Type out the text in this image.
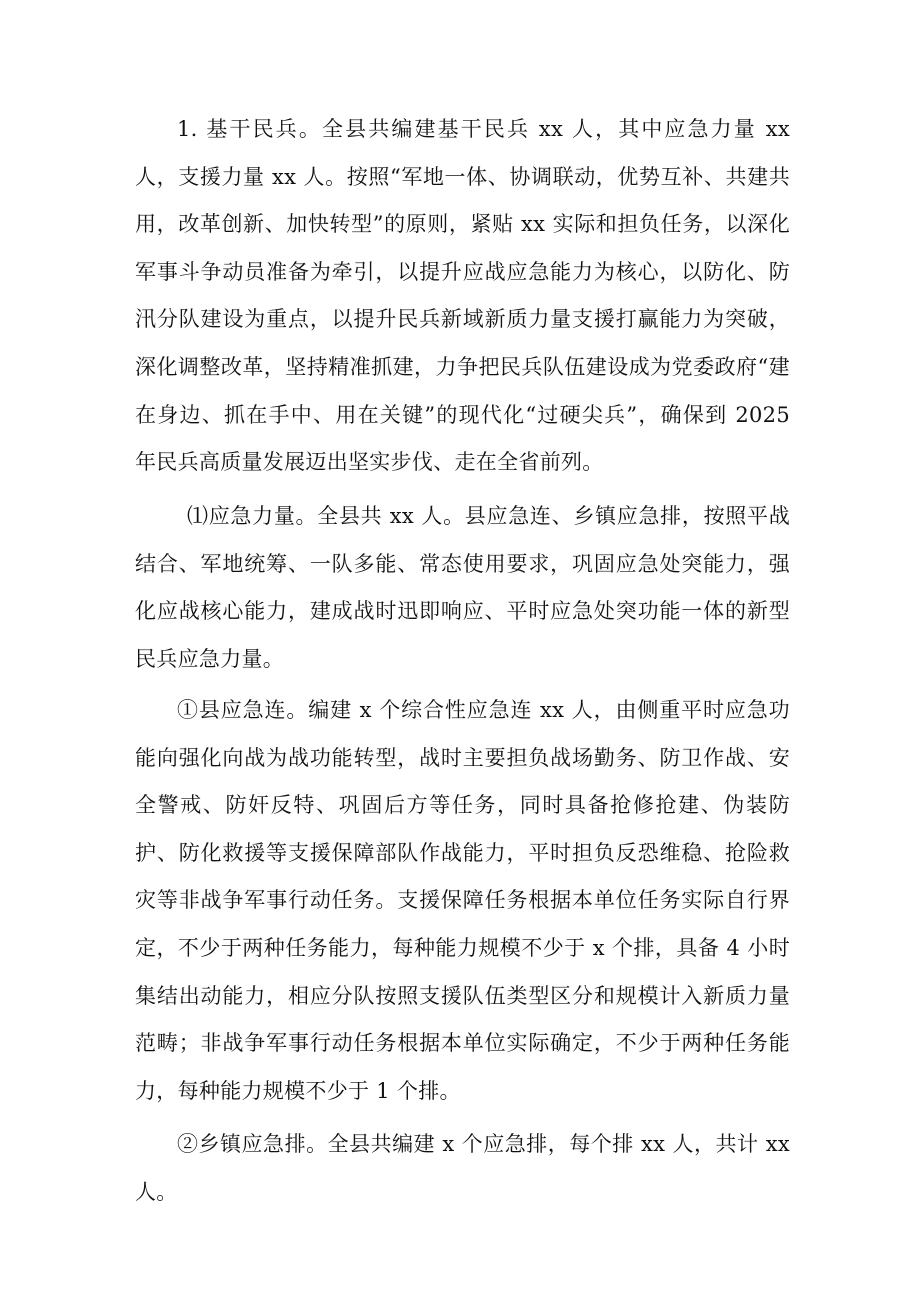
1. 基干民兵。全县共编建基干民兵 xx 人，其中应急力量 xx 人，支援力量 xx 人。按照“军地一体、协调联动，优势互补、共建共用，改革创新、加快转型”的原则，紧贴 xx 实际和担负任务，以深化军事斗争动员准备为牵引，以提升应战应急能力为核心，以防化、防汛分队建设为重点，以提升民兵新域新质力量支援打赢能力为突破，深化调整改革，坚持精准抓建，力争把民兵队伍建设成为党委政府“建在身边、抓在手中、用在关键”的现代化“过硬尖兵”，确保到 2025 年民兵高质量发展迈出坚实步伐、走在全省前列。

⑴应急力量。全县共 xx 人。县应急连、乡镇应急排，按照平战结合、军地统筹、一队多能、常态使用要求，巩固应急处突能力，强化应战核心能力，建成战时迅即响应、平时应急处突功能一体的新型民兵应急力量。

①县应急连。编建 x 个综合性应急连 xx 人，由侧重平时应急功能向强化向战为战功能转型，战时主要担负战场勤务、防卫作战、安全警戒、防奸反特、巩固后方等任务，同时具备抢修抢建、伪装防护、防化救援等支援保障部队作战能力，平时担负反恐维稳、抢险救灾等非战争军事行动任务。支援保障任务根据本单位任务实际自行界定，不少于两种任务能力，每种能力规模不少于 x 个排，具备 4 小时集结出动能力，相应分队按照支援队伍类型区分和规模计入新质力量范畴；非战争军事行动任务根据本单位实际确定，不少于两种任务能力，每种能力规模不少于 1 个排。

②乡镇应急排。全县共编建 x 个应急排，每个排 xx 人，共计 xx 人。
